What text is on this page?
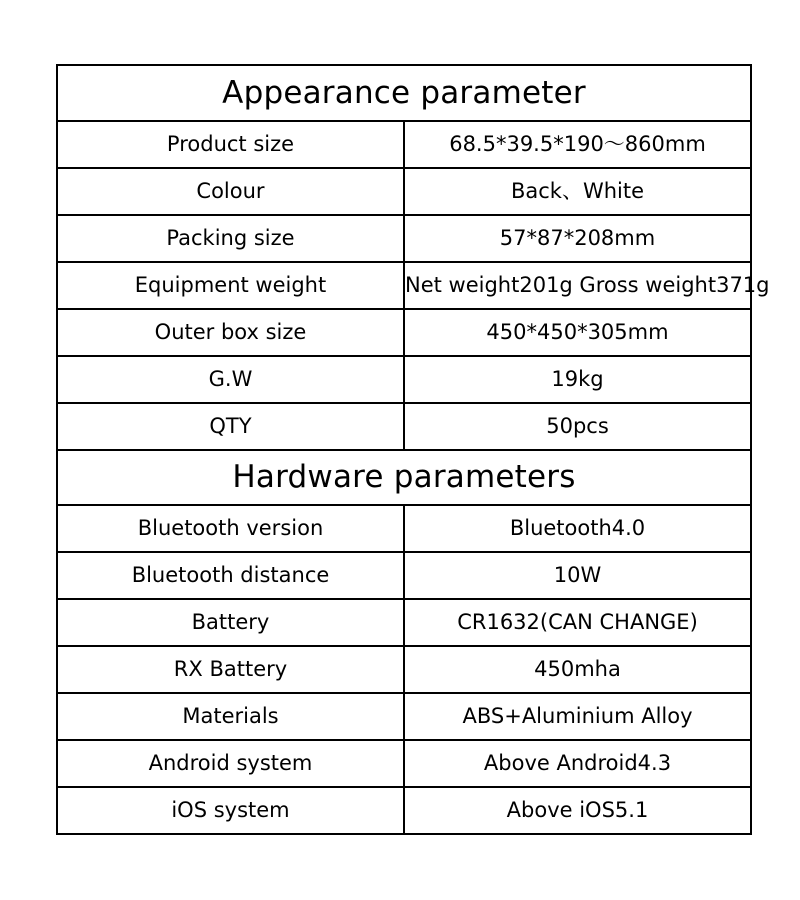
Appearance parameter	
Product size	68.5*39.5*190～860mm
Colour	Back、White
Packing size	57*87*208mm
Equipment weight	Net weight201g Gross weight371g
Outer box size	450*450*305mm
G.W	19kg
QTY	50pcs
Hardware parameters	
Bluetooth version	Bluetooth4.0
Bluetooth distance	10W
Battery	CR1632(CAN CHANGE)
RX Battery	450mha
Materials	ABS+Aluminium Alloy
Android system	Above Android4.3
iOS system	Above iOS5.1
